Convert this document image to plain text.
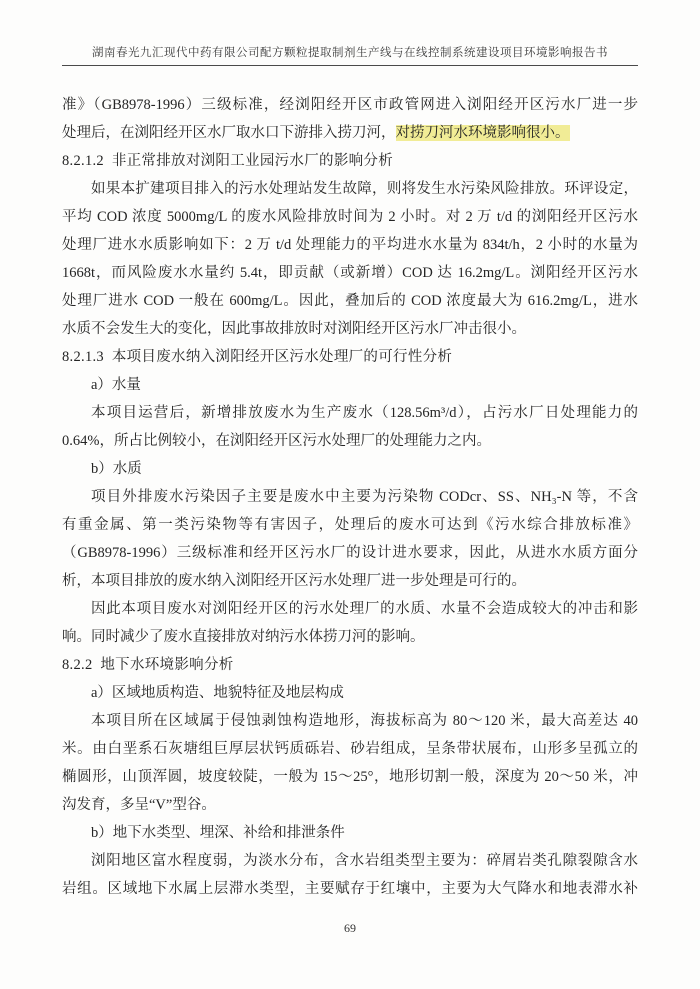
湖南春光九汇现代中药有限公司配方颗粒提取制剂生产线与在线控制系统建设项目环境影响报告书
准》（GB8978-1996）三级标准，经浏阳经开区市政管网进入浏阳经开区污水厂进一步
处理后，在浏阳经开区水厂取水口下游排入捞刀河，对捞刀河水环境影响很小。
8.2.1.2  非正常排放对浏阳工业园污水厂的影响分析
如果本扩建项目排入的污水处理站发生故障，则将发生水污染风险排放。环评设定，
平均 COD 浓度 5000mg/L 的废水风险排放时间为 2 小时。对 2 万 t/d 的浏阳经开区污水
处理厂进水水质影响如下：2 万 t/d 处理能力的平均进水水量为 834t/h，2 小时的水量为
1668t，而风险废水水量约 5.4t，即贡献（或新增）COD 达 16.2mg/L。浏阳经开区污水
处理厂进水 COD 一般在 600mg/L。因此，叠加后的 COD 浓度最大为 616.2mg/L，进水
水质不会发生大的变化，因此事故排放时对浏阳经开区污水厂冲击很小。
8.2.1.3  本项目废水纳入浏阳经开区污水处理厂的可行性分析
a）水量
本项目运营后，新增排放废水为生产废水（128.56m³/d），占污水厂日处理能力的
0.64%，所占比例较小，在浏阳经开区污水处理厂的处理能力之内。
b）水质
项目外排废水污染因子主要是废水中主要为污染物 CODcr、SS、NH₃-N 等，不含
有重金属、第一类污染物等有害因子，处理后的废水可达到《污水综合排放标准》
（GB8978-1996）三级标准和经开区污水厂的设计进水要求，因此，从进水水质方面分
析，本项目排放的废水纳入浏阳经开区污水处理厂进一步处理是可行的。
因此本项目废水对浏阳经开区的污水处理厂的水质、水量不会造成较大的冲击和影
响。同时减少了废水直接排放对纳污水体捞刀河的影响。
8.2.2  地下水环境影响分析
a）区域地质构造、地貌特征及地层构成
本项目所在区域属于侵蚀剥蚀构造地形，海拔标高为 80～120 米，最大高差达 40
米。由白垩系石灰塘组巨厚层状钙质砾岩、砂岩组成，呈条带状展布，山形多呈孤立的
椭圆形，山顶浑圆，坡度较陡，一般为 15～25°，地形切割一般，深度为 20～50 米，冲
沟发育，多呈“V”型谷。
b）地下水类型、埋深、补给和排泄条件
浏阳地区富水程度弱，为淡水分布，含水岩组类型主要为：碎屑岩类孔隙裂隙含水
岩组。区域地下水属上层滞水类型，主要赋存于红壤中，主要为大气降水和地表滞水补
69
